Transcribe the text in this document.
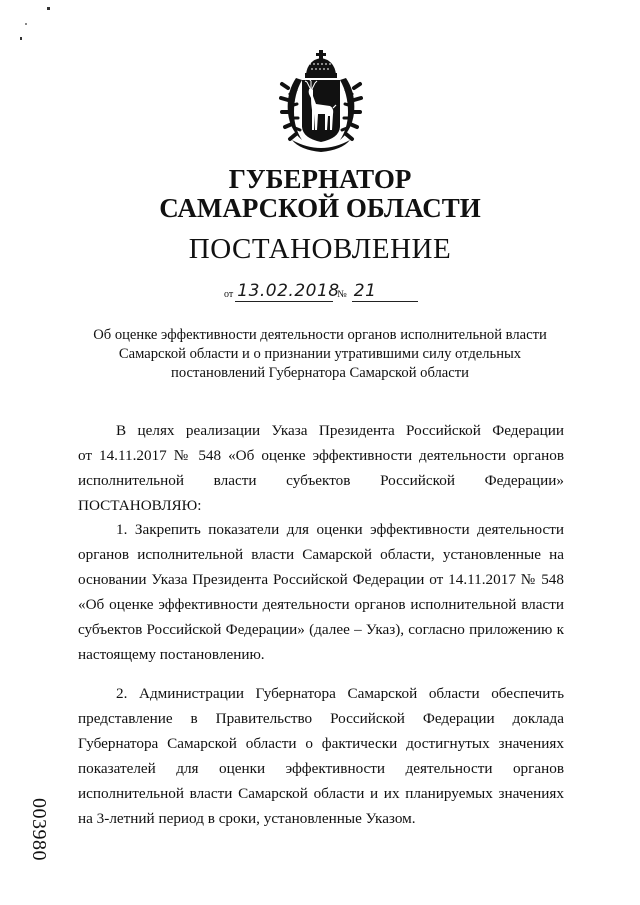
ГУБЕРНАТОР
САМАРСКОЙ ОБЛАСТИ
ПОСТАНОВЛЕНИЕ
от 13.02.2018
№ 21
Об оценке эффективности деятельности органов исполнительной власти
Самарской области и о признании утратившими силу отдельных
постановлений Губернатора Самарской области

В целях реализации Указа Президента Российской Федерации

от 14.11.2017 № 548 «Об оценке эффективности деятельности органов

исполнительной власти субъектов Российской Федерации»

ПОСТАНОВЛЯЮ:

1. Закрепить показатели для оценки эффективности деятельности органов исполнительной власти Самарской области, установленные на основании Указа Президента Российской Федерации от 14.11.2017 № 548 «Об оценке эффективности деятельности органов исполнительной власти субъектов Российской Федерации» (далее – Указ), согласно приложению к настоящему постановлению.

2. Администрации Губернатора Самарской области обеспечить представление в Правительство Российской Федерации доклада Губернатора Самарской области о фактически достигнутых значениях показателей для оценки эффективности деятельности органов исполнительной власти Самарской области и их планируемых значениях на 3-летний период в сроки, установленные Указом.

003980
